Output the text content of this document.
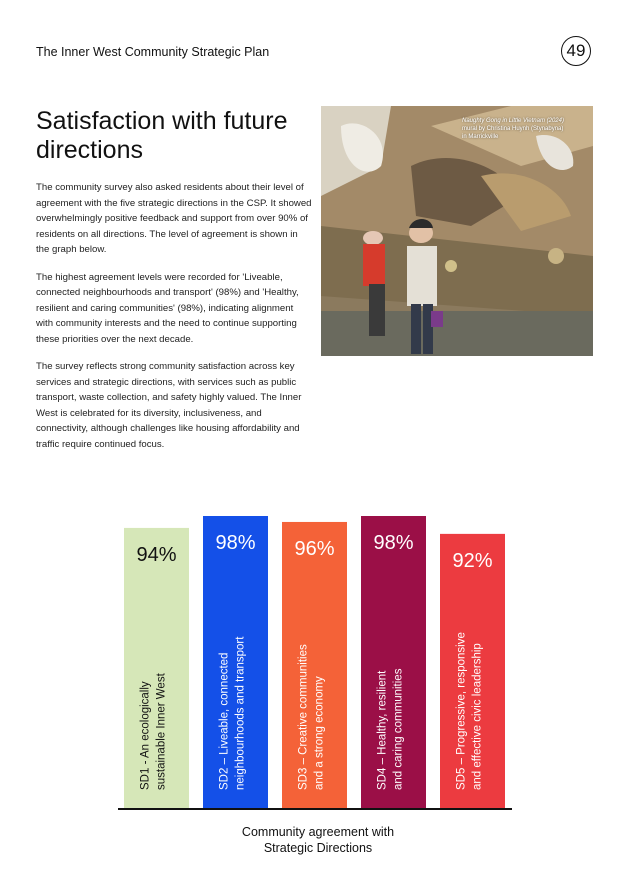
The Inner West Community Strategic Plan	49
Satisfaction with future directions

The community survey also asked residents about their level of agreement with the five strategic directions in the CSP. It showed overwhelmingly positive feedback and support from over 90% of residents on all directions. The level of agreement is shown in the graph below.

The highest agreement levels were recorded for 'Liveable, connected neighbourhoods and transport' (98%) and 'Healthy, resilient and caring communities' (98%), indicating alignment with community interests and the need to continue supporting these priorities over the next decade.

The survey reflects strong community satisfaction across key services and strategic directions, with services such as public transport, waste collection, and safety highly valued. The Inner West is celebrated for its diversity, inclusiveness, and connectivity, although challenges like housing affordability and traffic require continued focus.

Naughty Gong in Little Vietnam (2024)
mural by Christina Huynh (Stynabyna)
in Marrickville
94%
SD1 - An ecologically sustainable Inner West
98%
SD2 – Liveable, connected neighbourhoods and transport
96%
SD3 – Creative communities and a strong economy
98%
SD4 – Healthy, resilient and caring communities
92%
SD5 – Progressive, responsive and effective civic leadership
Community agreement with
Strategic Directions
